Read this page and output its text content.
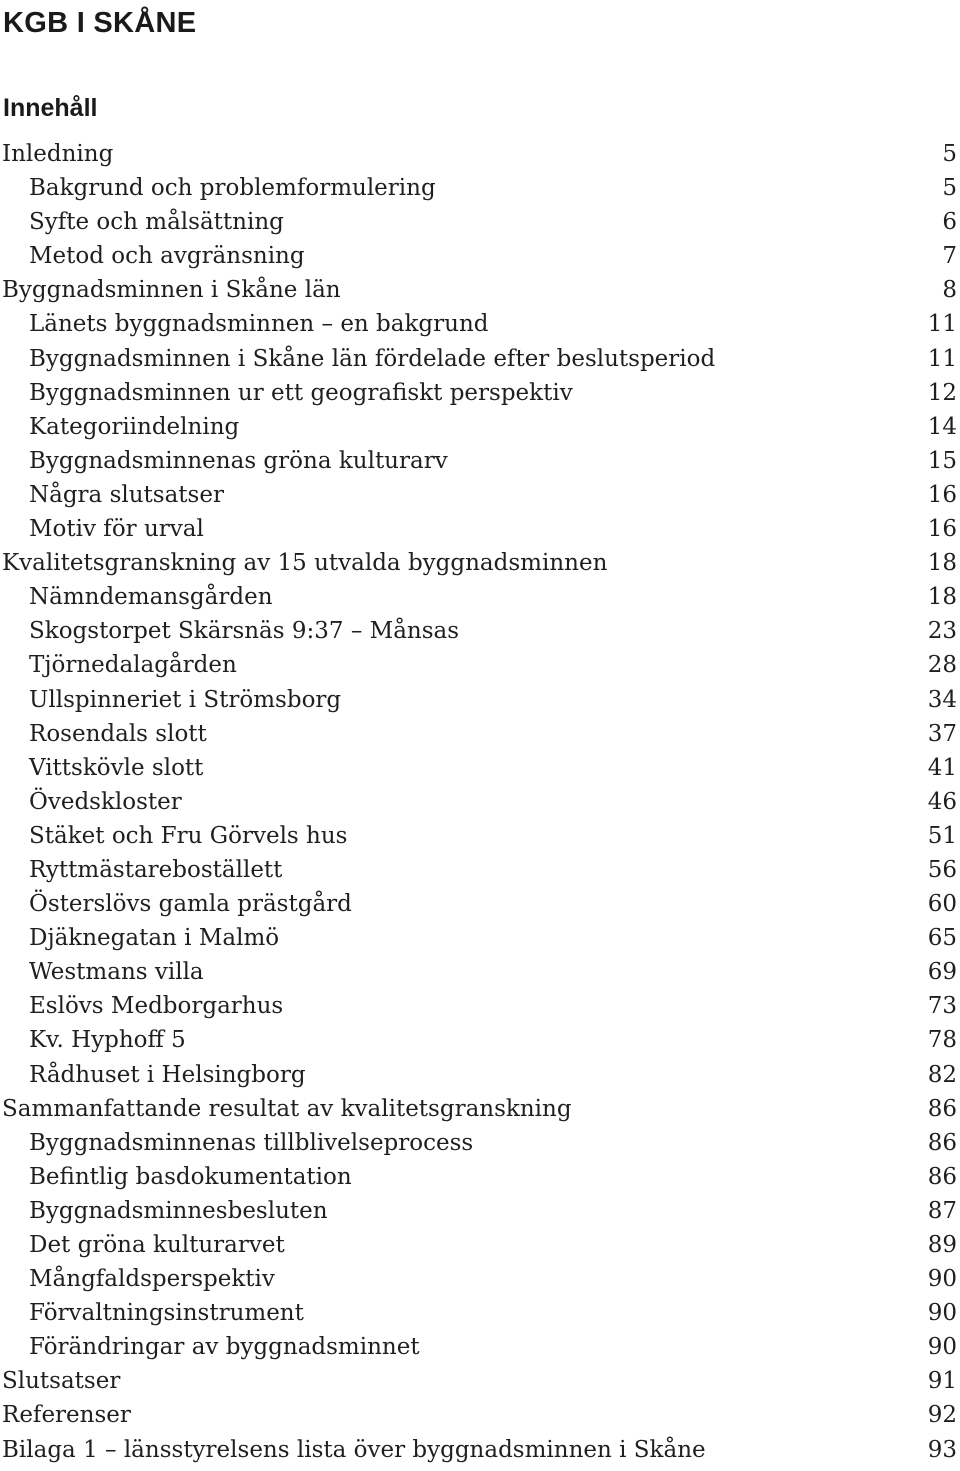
KGB I SKÅNE
Innehåll
Inledning	5
Bakgrund och problemformulering	5
Syfte och målsättning	6
Metod och avgränsning	7
Byggnadsminnen i Skåne län	8
Länets byggnadsminnen – en bakgrund	11
Byggnadsminnen i Skåne län fördelade efter beslutsperiod	11
Byggnadsminnen ur ett geografiskt perspektiv	12
Kategoriindelning	14
Byggnadsminnenas gröna kulturarv	15
Några slutsatser	16
Motiv för urval	16
Kvalitetsgranskning av 15 utvalda byggnadsminnen	18
Nämndemansgården	18
Skogstorpet Skärsnäs 9:37 – Månsas	23
Tjörnedalagården	28
Ullspinneriet i Strömsborg	34
Rosendals slott	37
Vittskövle slott	41
Övedskloster	46
Stäket och Fru Görvels hus	51
Ryttmästareboställett	56
Österslövs gamla prästgård	60
Djäknegatan i Malmö	65
Westmans villa	69
Eslövs Medborgarhus	73
Kv. Hyphoff 5	78
Rådhuset i Helsingborg	82
Sammanfattande resultat av kvalitetsgranskning	86
Byggnadsminnenas tillblivelseprocess	86
Befintlig basdokumentation	86
Byggnadsminnesbesluten	87
Det gröna kulturarvet	89
Mångfaldsperspektiv	90
Förvaltningsinstrument	90
Förändringar av byggnadsminnet	90
Slutsatser	91
Referenser	92
Bilaga 1 – länsstyrelsens lista över byggnadsminnen i Skåne	93
